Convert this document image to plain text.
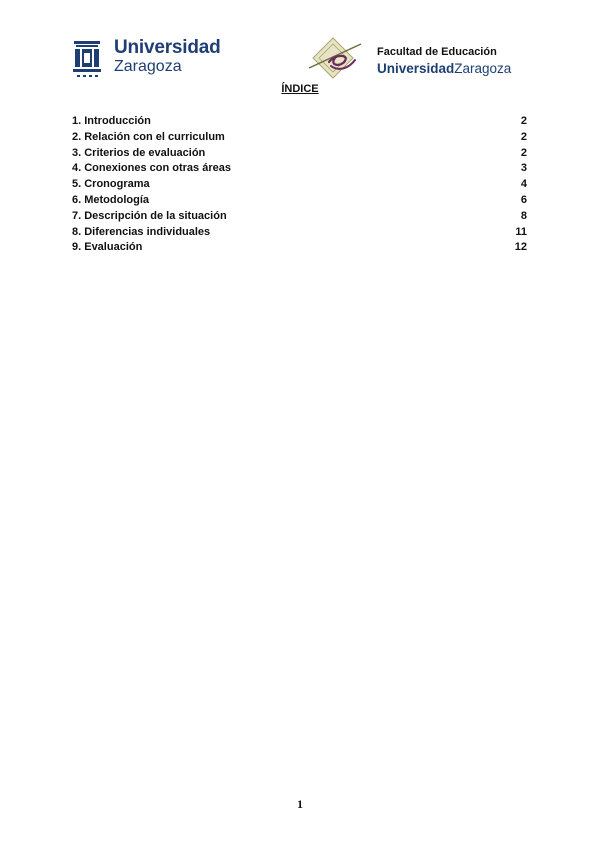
Universidad
Zaragoza
Facultad de Educación
UniversidadZaragoza
ÍNDICE
1. Introducción	2
2. Relación con el curriculum	2
3. Criterios de evaluación	2
4. Conexiones con otras áreas	3
5. Cronograma	4
6. Metodología	6
7. Descripción de la situación	8
8. Diferencias individuales	11
9. Evaluación	12
1
